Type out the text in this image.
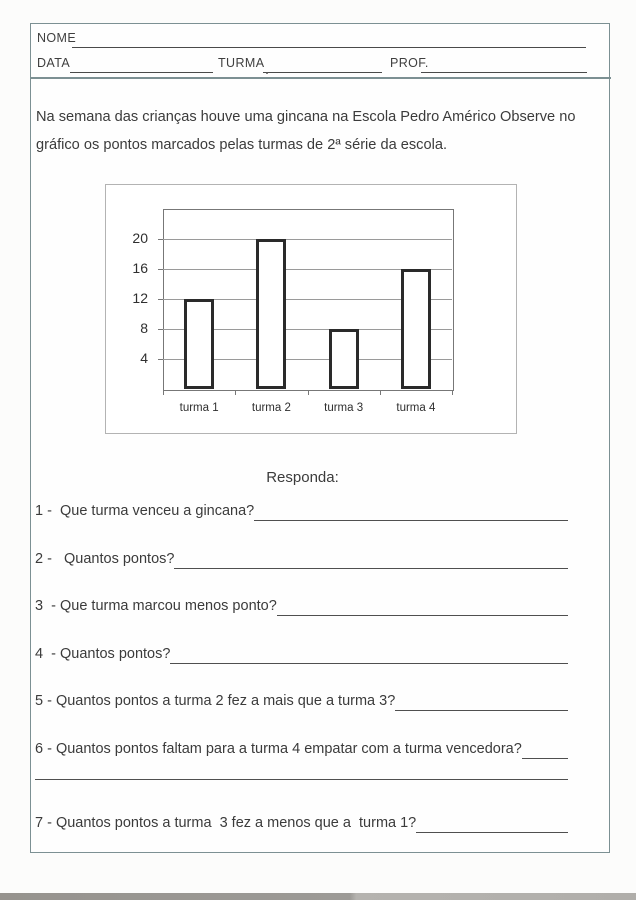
NOME
DATA	TURMA	PROF.
Na semana das crianças houve uma gincana na Escola Pedro Américo Observe no gráfico os pontos marcados pelas turmas de 2ª série da escola.
4
8
12
16
20
turma 1	turma 2	turma 3	turma 4
Responda:
1 -  Que turma venceu a gincana?
2 -   Quantos pontos?
3  - Que turma marcou menos ponto?
4  - Quantos pontos?
5 - Quantos pontos a turma 2 fez a mais que a turma 3?
6 - Quantos pontos faltam para a turma 4 empatar com a turma vencedora?
7 - Quantos pontos a turma  3 fez a menos que a  turma 1?
